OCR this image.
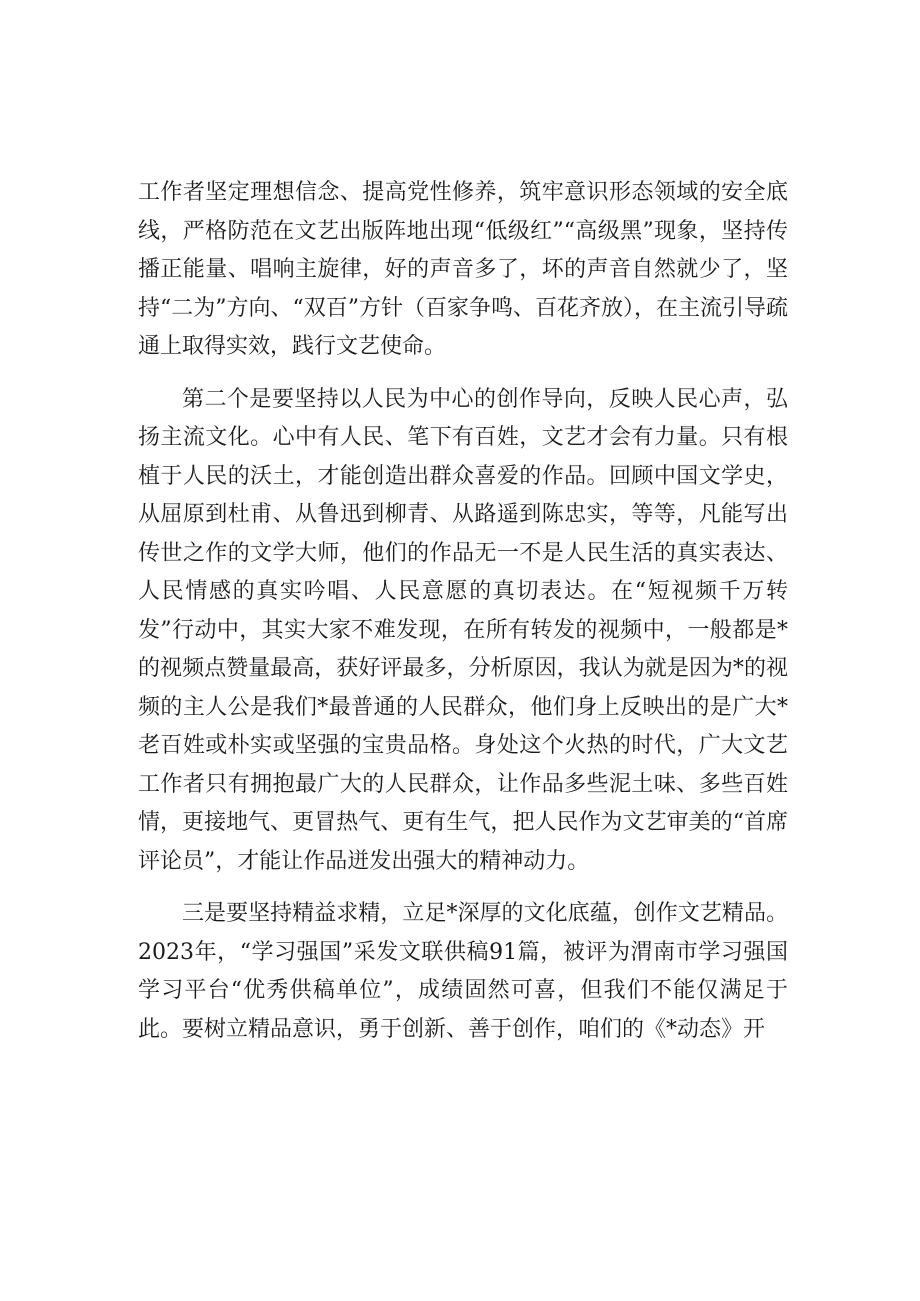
工作者坚定理想信念、提高党性修养，筑牢意识形态领域的安全底线，严格防范在文艺出版阵地出现“低级红”“高级黑”现象，坚持传播正能量、唱响主旋律，好的声音多了，坏的声音自然就少了，坚持“二为”方向、“双百”方针（百家争鸣、百花齐放），在主流引导疏通上取得实效，践行文艺使命。

第二个是要坚持以人民为中心的创作导向，反映人民心声，弘扬主流文化。心中有人民、笔下有百姓，文艺才会有力量。只有根植于人民的沃土，才能创造出群众喜爱的作品。回顾中国文学史，从屈原到杜甫、从鲁迅到柳青、从路遥到陈忠实，等等，凡能写出传世之作的文学大师，他们的作品无一不是人民生活的真实表达、人民情感的真实吟唱、人民意愿的真切表达。在“短视频千万转发”行动中，其实大家不难发现，在所有转发的视频中，一般都是*的视频点赞量最高，获好评最多，分析原因，我认为就是因为*的视频的主人公是我们*最普通的人民群众，他们身上反映出的是广大*老百姓或朴实或坚强的宝贵品格。身处这个火热的时代，广大文艺工作者只有拥抱最广大的人民群众，让作品多些泥土味、多些百姓情，更接地气、更冒热气、更有生气，把人民作为文艺审美的“首席评论员”，才能让作品迸发出强大的精神动力。

三是要坚持精益求精，立足*深厚的文化底蕴，创作文艺精品。2023年，“学习强国”采发文联供稿91篇，被评为渭南市学习强国学习平台“优秀供稿单位”，成绩固然可喜，但我们不能仅满足于此。要树立精品意识，勇于创新、善于创作，咱们的《*动态》开
